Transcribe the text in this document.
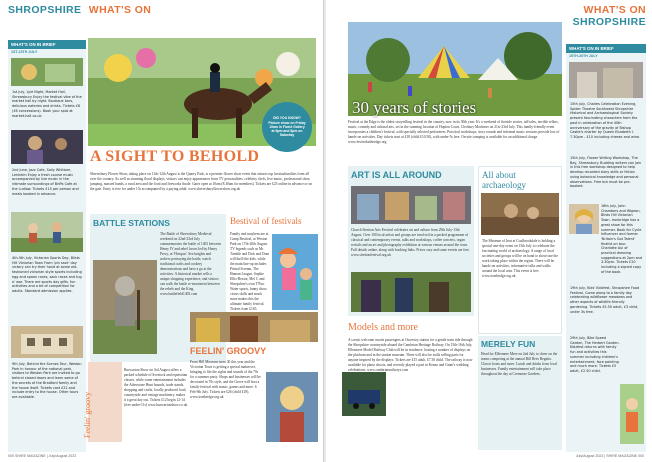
SHROPSHIRE WHAT'S ON
WHAT'S ON IN BRIEF
1ST-15TH JULY
1st July, Lyle Night, Market Hall, Shrewsbury Enjoy the festival vibe of the market hall by night. Boutique bars, delicious eateries and drinks. Tickets £8 (£6 concessions). Book your spot at market-hall.co.uk.
2nd June, Jazz Cafe, Sally Whittom, Lenheim Enjoy a fresh course music accompanied by live music in the intimate surroundings of Briffs Cafe at the Ludlow. Tickets £15 per person and meals booked in advance.
4th-5th July, Victorian Sports Day, Blists Hill Victorian Town From 'pin sack' day victory can try their hand at some old-fashioned victorian style sports including egg and spoon races, sack races and tug o' war. There are sports day gifts, fun activities and a bit of competition for adults. Standard admission applies.
9th July, Behind the Scenes Tour, Weston Park In honour of the national park, visitors to Weston Park are invited to go behind closed doors and learn some of the secrets of the Bradford family and the house itself. Tickets cost £22 and include entry to the house. Other tours are available.
DID YOU KNOW? Picture show on Friday 10am in Florid Gallery at 6pm and 8pm on Saturday
A SIGHT TO BEHOLD
Shrewsbury Flower Show, taking place on 11th-12th August is the Quarry Park, is a premier flower show event that attracts top horticulturalists from all over the country. As well as stunning floral displays, visitors can enjoy appearances from TV personalities, celebrity chefs, live music, professional show jumping, massed bands, a rural area and the food and fireworks finale. Gates open at 10am (8.30am for members). Tickets are £25 online in advance or on the gate. Entry is free for under 15s accompanied by a paying adult. www.shrewsburyflowershow.org.uk
BATTLE STATIONS
The Battle of Shrewsbury Medieval weekend on 22nd-23rd July commemorates the battle of 1403 between Henry IV and rebel forces led by Henry Percy, or 'Hotspur'. See knights and archers portraying the battle, watch traditional crafts and cookery demonstrations and have a go at the activities. A historical market sells a unique shopping experience, and visitors can walk the battle re-enactment between the rebels and the King. www.battlefield1403.com
Bestival of festivals
Family and mayhem are at Camp Bestival, at Weston Park on 17th-20th August. TV legends such as Mr Tumble and Dick and Dom will thrill the kids, while the main line-up includes Primal Scream, The Human League, Sophie Ellis-Bextor, Mel C and Shropshire's own T'Pau. Water sports, funny show, circus skills and much more makes this the ultimate family festival. Tickets from £165.
Feelin' groovy
Burwarton Show on 3rd August offers a packed schedule of livestock and equestrian classes, while some entertainment includes the Atherstone Hunt hounds, trade stands, shopping and crafts, locally produced food, countryside and vintage machinery, makes it a great day out. Tickets £12 begin 12-14 (free under-11s) www.burwartonshow.co.uk
FEELIN' GROOVY
From Hill Museum turns 30 this year and the Victorian Town is getting a special makeover, bringing to life the sights and sounds of the 70s for a summer party. Shops and businesses will be decorated in 70s style, and the Grove will host a family festival with music, games and more. 6 Feb-9th July. Tickets are £26 (child £18). www.ironbridge.org.uk
000 SHIRE MAGAZINE | July/August 2023
WHAT'S ON SHROPSHIRE
30 years of stories
Festival at the Edge is the oldest storytelling festival in the country, now in its 30th year. It's a weekend of fireside stories, tall tales, terrible tellers, music, comedy and cultural arts, set in the stunning location of Hopton Court, Cleobury Mortimer on 21st-23rd July. This family-friendly event incorporates a children's festival, with specially selected performers. Practical workshops, story rounds and informal music sessions provide lots of hands-on activities. Day tickets start at £18 (child £10.50), with under-5s free. On-site camping is available for an additional charge. www.festivalattheedge.org
ART IS ALL AROUND
Church Stretton Arts Festival celebrates art and culture from 29th July-13th August. Over 100 local artists and groups are involved in a packed programme of classical and contemporary events, talks and workshops, coffee concerts, organ recitals and an art and photography exhibition at various venues around the town. Full details online, along with booking links. Prices vary and some events are free. www.strettonfestival.org.uk
All about archaeology
The Museum of Iron at Coalbrookdale is holding a special one-day event on 15th July to celebrate the fascinating world of archaeology. A range of local societies and groups will be on hand to showcase the work taking place within the region. There will be hands-on activities, informative talks and walks around the local area. This event is free. www.ironbridge.org.uk
Models and more
A scenic welcome awaits passengers at Oswestry station for a gentle train ride through the Shropshire countryside aboard the Cambrian Heritage Railway. On 15th-16th July, Ellesmere Model Railway Club will be in residence, hosting a number of displays on the platform and in the station museum. There will also be stalls selling parts for anyone inspired by the displays. Tickets are £15 adult, £7.50 child. The railway is now available for photo shoots, and recently played a part in Kenzo and Grant's wedding celebrations. www.cambrianrailways.com
MERELY FUN
Head for Ellesmere Mere on 2nd July to cheer on the teams competing at the annual Bill Rees Regatta. Classic boats and more. Lunch and drinks from local businesses. Family entertainment will take place throughout the day at Cremorne Gardens.
WHAT'S ON IN BRIEF
15TH-30TH JULY
15th July, Charles Celebration Evening, Spider Theatre Southwest Shropshire Historical and Archaeological Society present fascinating characters from the past in celebration of the 40th anniversary of the gravity of Bishop Castle's charter by Queen Elizabeth I. 7.30pm - £10 including cheese and wine.
15th July, Flower Writing Workshop, The Bay, Shrewsbury. Budding writers can join in this free workshop designed to help develop recorded story skills or fiction using botanical knowledge and personal observations. Free but must be pre-booked.
16th July, John Chambers and Wigeon, Blists Hill Victorian Town. Ironbridge has a great show for this summer. Book for Cycle Influencer and former 'Britain's Got Talent' finalist on tour. Charlotte Aul of practical dressing suggestions at 2pm and 3.30pm. Tickets £20 including a signed copy of the book.
19th July, Kids' Kidzfest, Shropshire Food Festival. Come along to a family day celebrating wildflower meadows and other aspects of wildlife-friendly gardening. Tickets £5.50 adult, £3 child, under 3s free.
29th July, Bike Speed Garden, The Herbert Garden. Kidzfest returns with family fun and activities this summer including children's entertainment, face painting and much more. Tickets £5 adult, £2.50 child.
July/August 2023 | SHIRE MAGAZINE 000
